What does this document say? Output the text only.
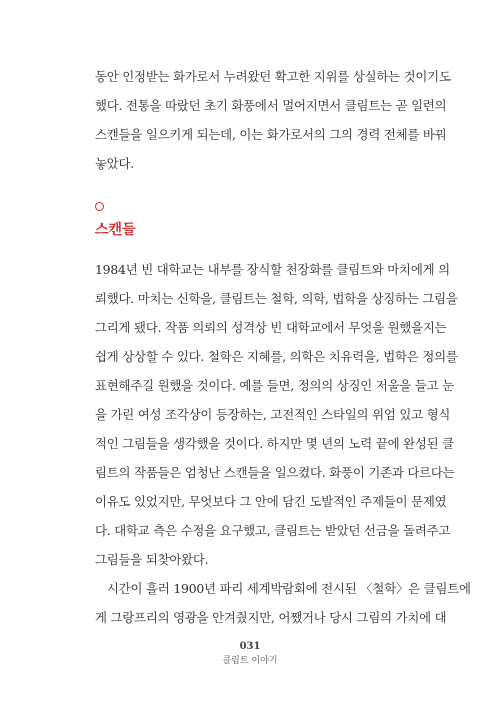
동안 인정받는 화가로서 누려왔던 확고한 지위를 상실하는 것이기도
했다. 전통을 따랐던 초기 화풍에서 멀어지면서 클림트는 곧 일련의
스캔들을 일으키게 되는데, 이는 화가로서의 그의 경력 전체를 바꿔
놓았다.
스캔들
1984년 빈 대학교는 내부를 장식할 천장화를 클림트와 마치에게 의
뢰했다. 마치는 신학을, 클림트는 철학, 의학, 법학을 상징하는 그림을
그리게 됐다. 작품 의뢰의 성격상 빈 대학교에서 무엇을 원했을지는
쉽게 상상할 수 있다. 철학은 지혜를, 의학은 치유력을, 법학은 정의를
표현해주길 원했을 것이다. 예를 들면, 정의의 상징인 저울을 들고 눈
을 가린 여성 조각상이 등장하는, 고전적인 스타일의 위엄 있고 형식
적인 그림들을 생각했을 것이다. 하지만 몇 년의 노력 끝에 완성된 클
림트의 작품들은 엄청난 스캔들을 일으켰다. 화풍이 기존과 다르다는
이유도 있었지만, 무엇보다 그 안에 담긴 도발적인 주제들이 문제였
다. 대학교 측은 수정을 요구했고, 클림트는 받았던 선금을 돌려주고
그림들을 되찾아왔다.
시간이 흘러 1900년 파리 세계박람회에 전시된 〈철학〉은 클림트에
게 그랑프리의 영광을 안겨줬지만, 어쨌거나 당시 그림의 가치에 대
031
클림트 이야기
